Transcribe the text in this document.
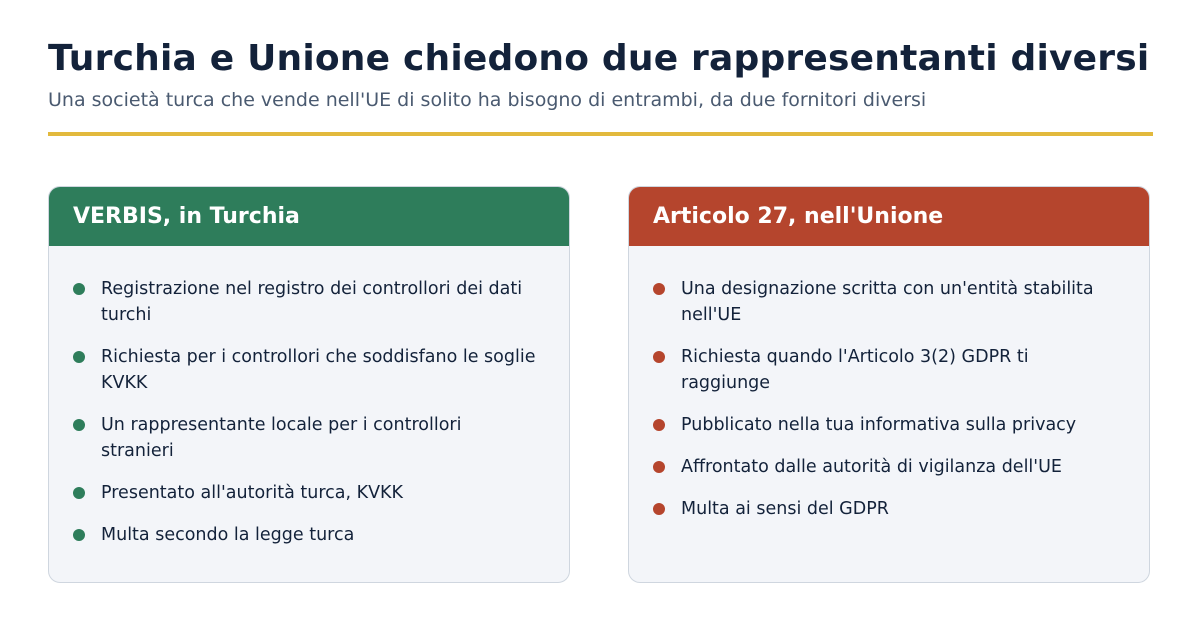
Turchia e Unione chiedono due rappresentanti diversi
Una società turca che vende nell'UE di solito ha bisogno di entrambi, da due fornitori diversi
VERBIS, in Turchia
Registrazione nel registro dei controllori dei dati turchi
Richiesta per i controllori che soddisfano le soglie KVKK
Un rappresentante locale per i controllori stranieri
Presentato all'autorità turca, KVKK
Multa secondo la legge turca
Articolo 27, nell'Unione
Una designazione scritta con un'entità stabilita nell'UE
Richiesta quando l'Articolo 3(2) GDPR ti raggiunge
Pubblicato nella tua informativa sulla privacy
Affrontato dalle autorità di vigilanza dell'UE
Multa ai sensi del GDPR
